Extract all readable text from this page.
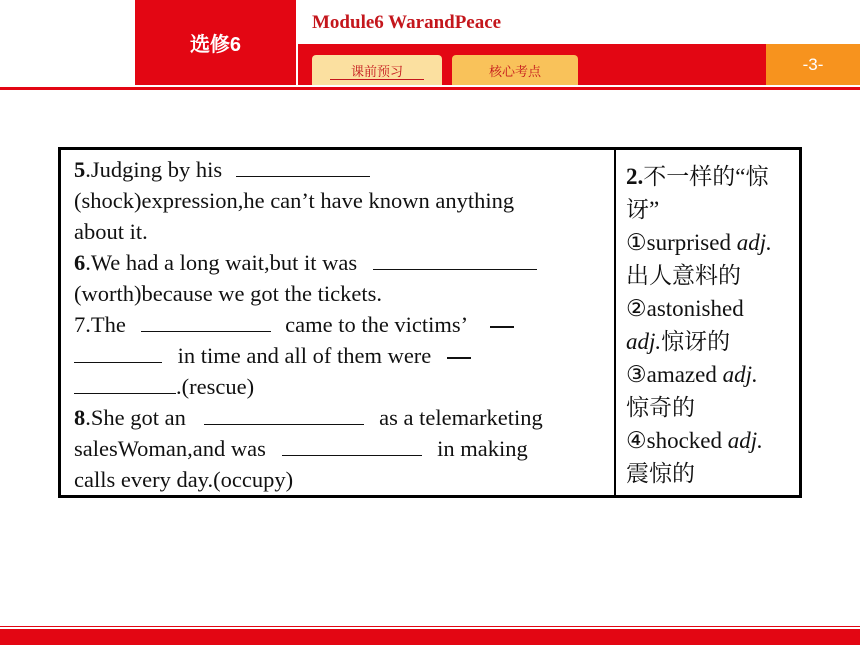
选修6
Module6 WarandPeace
-3-
课前预习	核心考点
5.Judging by his	———
(shock)expression,he can’t have known anything
about it.
6.We had a long wait,but it was
(worth)because we got the tickets.
7.The	————	came to the victims’
———	in time and all of them were
.(rescue)
8.She got an	————	as a telemarketing
salesWoman,and was	————	in making
calls every day.(occupy)
2.不一样的“惊讶”
①surprised adj.
出人意料的
②astonished
adj.惊讶的
③amazed adj.
惊奇的
④shocked adj.
震惊的
